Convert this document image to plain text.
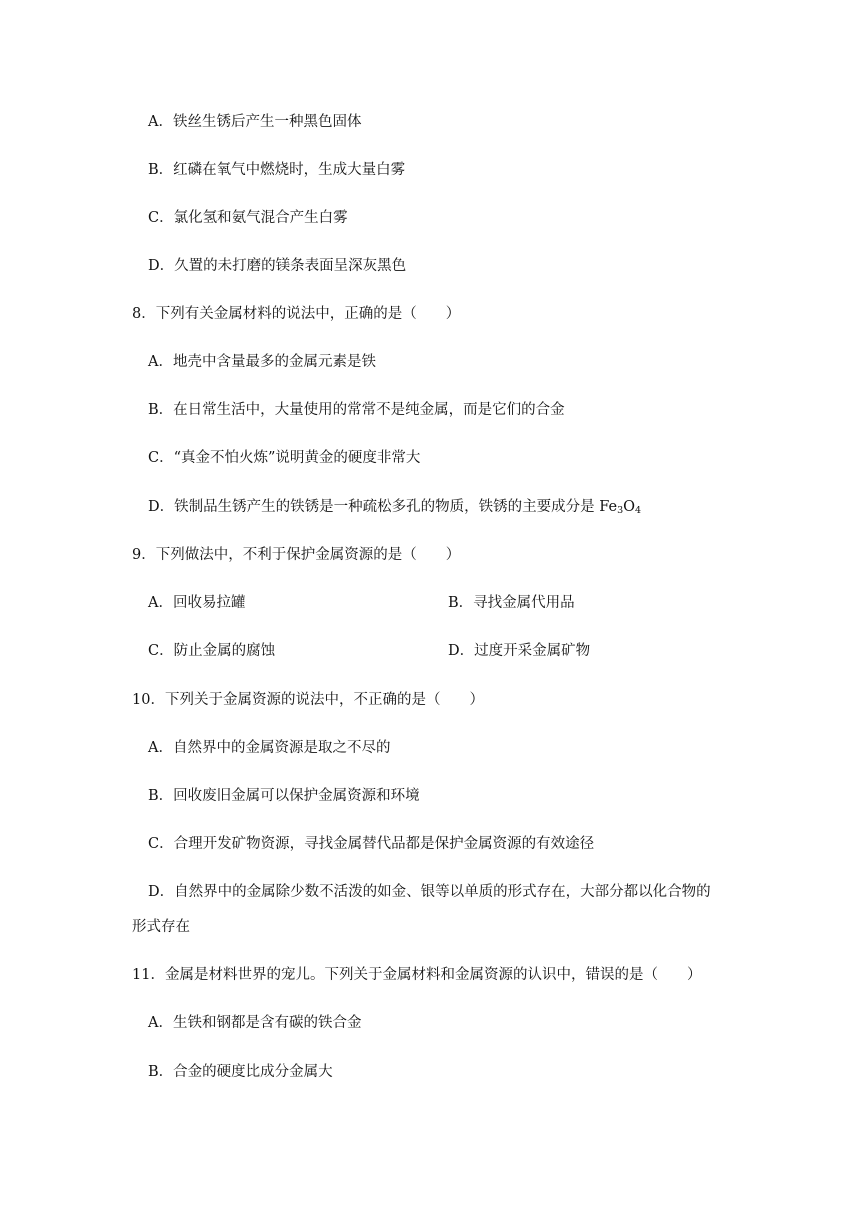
A．铁丝生锈后产生一种黑色固体
B．红磷在氧气中燃烧时，生成大量白雾
C．氯化氢和氨气混合产生白雾
D．久置的未打磨的镁条表面呈深灰黑色
8．下列有关金属材料的说法中，正确的是（　　）
A．地壳中含量最多的金属元素是铁
B．在日常生活中，大量使用的常常不是纯金属，而是它们的合金
C．“真金不怕火炼”说明黄金的硬度非常大
D．铁制品生锈产生的铁锈是一种疏松多孔的物质，铁锈的主要成分是 $Fe_3O_4$
9．下列做法中，不利于保护金属资源的是（　　）
A．回收易拉罐	B．寻找金属代用品
C．防止金属的腐蚀	D．过度开采金属矿物
10．下列关于金属资源的说法中，不正确的是（　　）
A．自然界中的金属资源是取之不尽的
B．回收废旧金属可以保护金属资源和环境
C．合理开发矿物资源，寻找金属替代品都是保护金属资源的有效途径
D．自然界中的金属除少数不活泼的如金、银等以单质的形式存在，大部分都以化合物的
形式存在
11．金属是材料世界的宠儿。下列关于金属材料和金属资源的认识中，错误的是（　　）
A．生铁和钢都是含有碳的铁合金
B．合金的硬度比成分金属大
